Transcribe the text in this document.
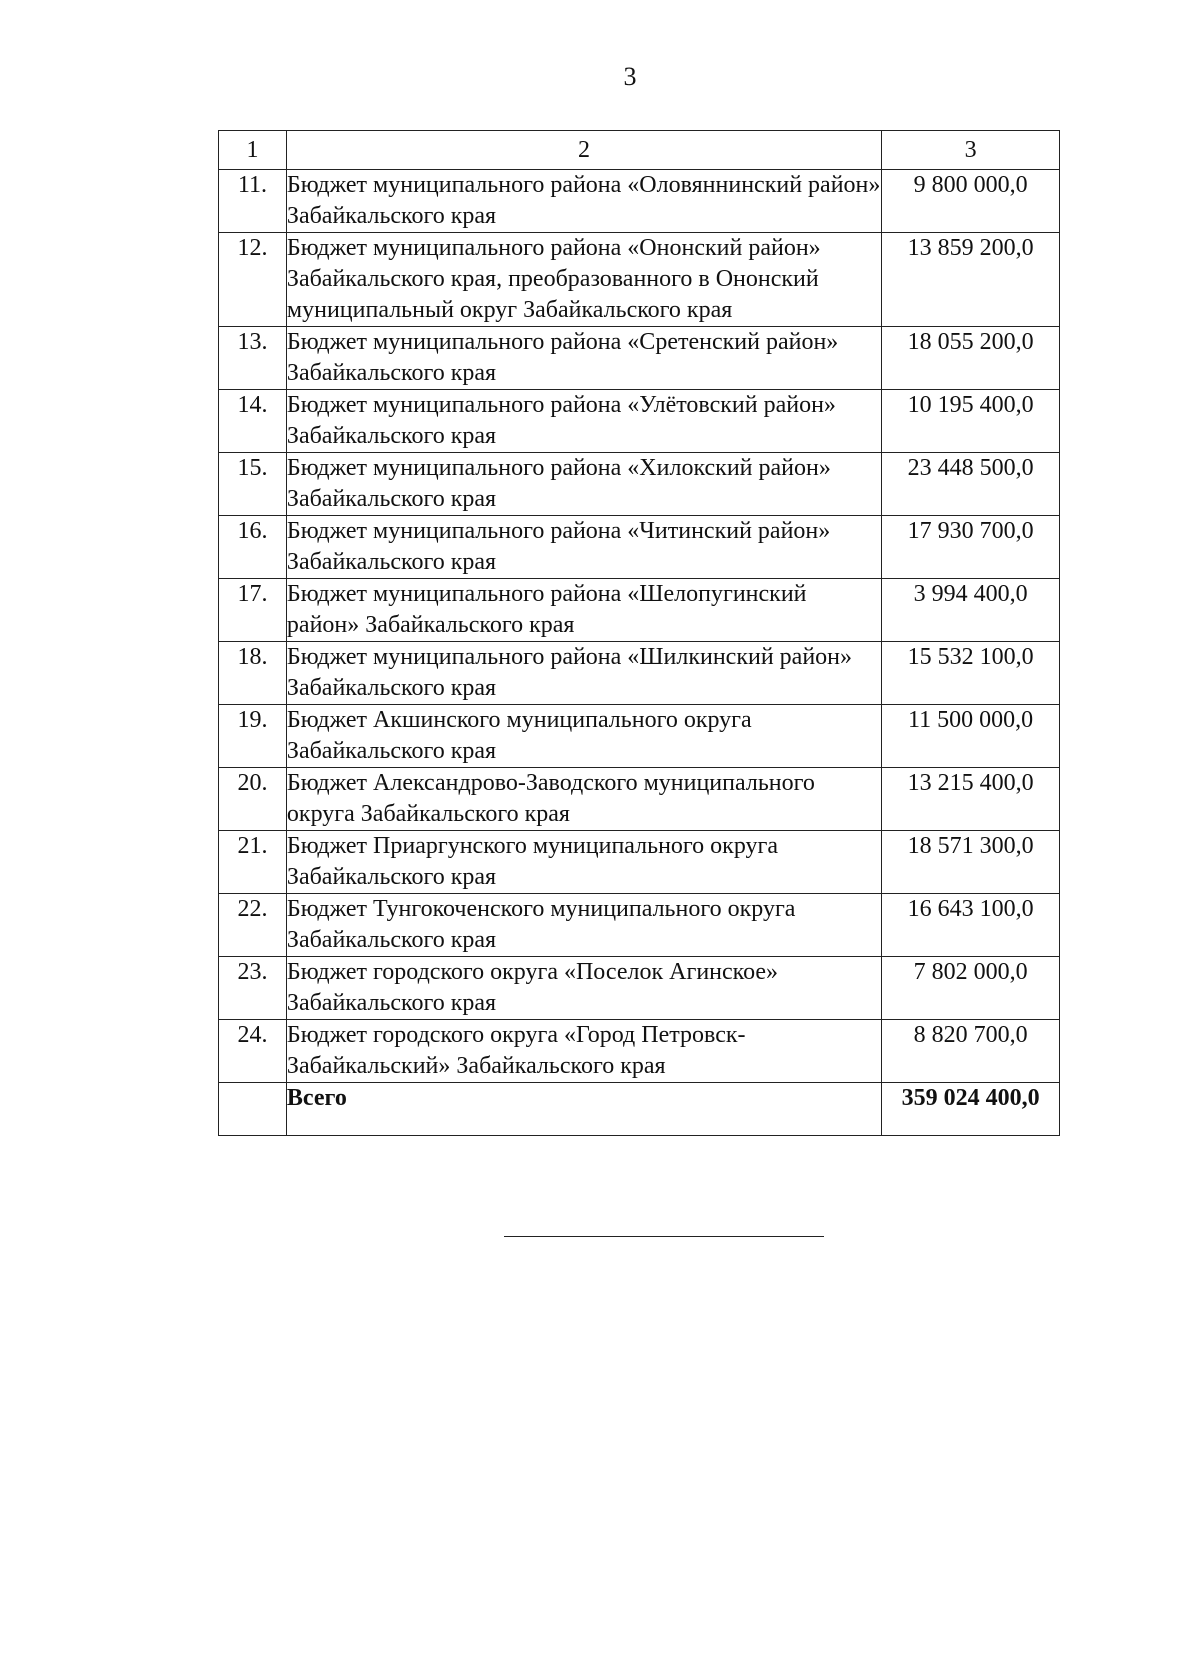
3
1	2	3
11.	Бюджет муниципального района «Оловяннинский район» Забайкальского края	9 800 000,0
12.	Бюджет муниципального района «Ононский район» Забайкальского края, преобразованного в Ононский муниципальный округ Забайкальского края	13 859 200,0
13.	Бюджет муниципального района «Сретенский район» Забайкальского края	18 055 200,0
14.	Бюджет муниципального района «Улётовский район» Забайкальского края	10 195 400,0
15.	Бюджет муниципального района «Хилокский район» Забайкальского края	23 448 500,0
16.	Бюджет муниципального района «Читинский район» Забайкальского края	17 930 700,0
17.	Бюджет муниципального района «Шелопугинский район» Забайкальского края	3 994 400,0
18.	Бюджет муниципального района «Шилкинский район» Забайкальского края	15 532 100,0
19.	Бюджет Акшинского муниципального округа Забайкальского края	11 500 000,0
20.	Бюджет Александрово-Заводского муниципального округа Забайкальского края	13 215 400,0
21.	Бюджет Приаргунского муниципального округа Забайкальского края	18 571 300,0
22.	Бюджет Тунгокоченского муниципального округа Забайкальского края	16 643 100,0
23.	Бюджет городского округа «Поселок Агинское» Забайкальского края	7 802 000,0
24.	Бюджет городского округа «Город Петровск-Забайкальский» Забайкальского края	8 820 700,0
	Всего	359 024 400,0
